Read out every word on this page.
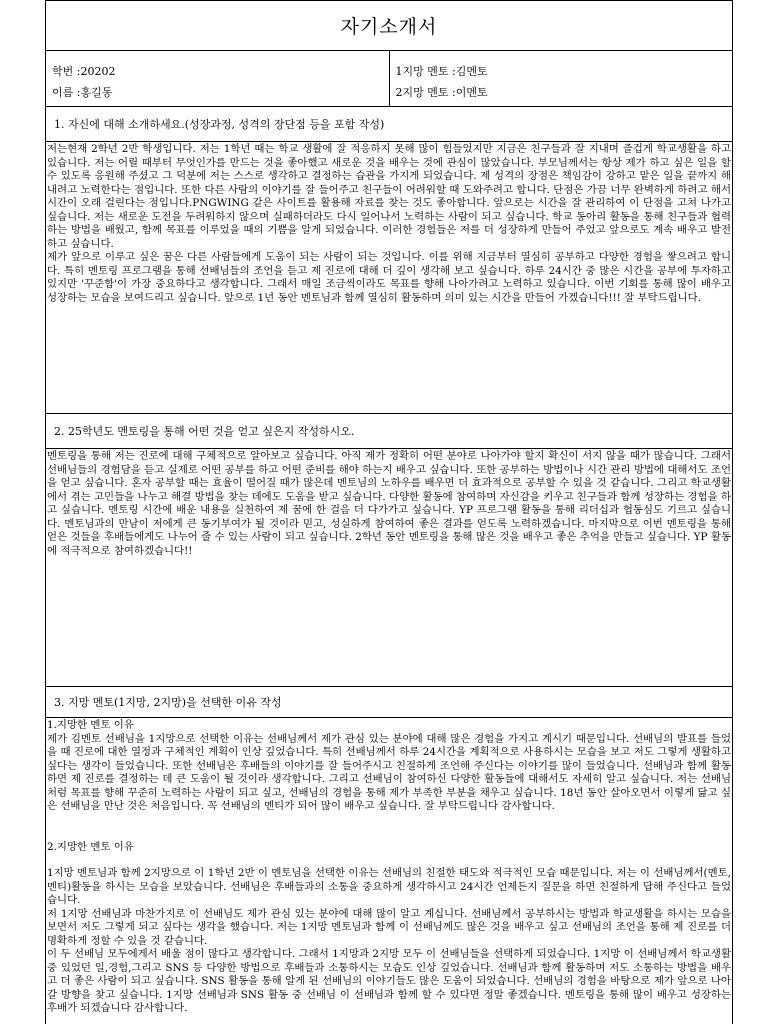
자기소개서
학번 :20202
이름 :홍길동
1지망 멘토 :김멘토
2지망 멘토 :이멘토
1. 자신에 대해 소개하세요.(성장과정, 성격의 장단점 등을 포함 작성)

저는현재 2학년 2반 학생입니다. 저는 1학년 때는 학교 생활에 잘 적응하지 못해 많이 힘들었지만 지금은 친구들과 잘 지내며 즐겁게 학교생활을 하고 있습니다. 저는 어릴 때부터 무엇인가를 만드는 것을 좋아했고 새로운 것을 배우는 것에 관심이 많았습니다. 부모님께서는 항상 제가 하고 싶은 일을 할 수 있도록 응원해 주셨고 그 덕분에 저는 스스로 생각하고 결정하는 습관을 가지게 되었습니다. 제 성격의 장점은 책임감이 강하고 맡은 일을 끝까지 해내려고 노력한다는 점입니다. 또한 다른 사람의 이야기를 잘 들어주고 친구들이 어려워할 때 도와주려고 합니다. 단점은 가끔 너무 완벽하게 하려고 해서 시간이 오래 걸린다는 점입니다.PNGWING 같은 사이트를 활용해 자료를 찾는 것도 좋아합니다. 앞으로는 시간을 잘 관리하여 이 단점을 고쳐 나가고 싶습니다. 저는 새로운 도전을 두려워하지 않으며 실패하더라도 다시 일어나서 노력하는 사람이 되고 싶습니다. 학교 동아리 활동을 통해 친구들과 협력하는 방법을 배웠고, 함께 목표를 이루었을 때의 기쁨을 알게 되었습니다. 이러한 경험들은 저를 더 성장하게 만들어 주었고 앞으로도 계속 배우고 발전하고 싶습니다.

제가 앞으로 이루고 싶은 꿈은 다른 사람들에게 도움이 되는 사람이 되는 것입니다. 이를 위해 지금부터 열심히 공부하고 다양한 경험을 쌓으려고 합니다. 특히 멘토링 프로그램을 통해 선배님들의 조언을 듣고 제 진로에 대해 더 깊이 생각해 보고 싶습니다. 하루 24시간 중 많은 시간을 공부에 투자하고 있지만 '꾸준함'이 가장 중요하다고 생각합니다. 그래서 매일 조금씩이라도 목표를 향해 나아가려고 노력하고 있습니다. 이번 기회를 통해 많이 배우고 성장하는 모습을 보여드리고 싶습니다. 앞으로 1년 동안 멘토님과 함께 열심히 활동하며 의미 있는 시간을 만들어 가겠습니다!!! 잘 부탁드립니다.

2. 25학년도 멘토링을 통해 어떤 것을 얻고 싶은지 작성하시오.

멘토링을 통해 저는 진로에 대해 구체적으로 알아보고 싶습니다. 아직 제가 정확히 어떤 분야로 나아가야 할지 확신이 서지 않을 때가 많습니다. 그래서 선배님들의 경험담을 듣고 실제로 어떤 공부를 하고 어떤 준비를 해야 하는지 배우고 싶습니다. 또한 공부하는 방법이나 시간 관리 방법에 대해서도 조언을 얻고 싶습니다. 혼자 공부할 때는 효율이 떨어질 때가 많은데 멘토님의 노하우를 배우면 더 효과적으로 공부할 수 있을 것 같습니다. 그리고 학교생활에서 겪는 고민들을 나누고 해결 방법을 찾는 데에도 도움을 받고 싶습니다. 다양한 활동에 참여하며 자신감을 키우고 친구들과 함께 성장하는 경험을 하고 싶습니다. 멘토링 시간에 배운 내용을 실천하여 제 꿈에 한 걸음 더 다가가고 싶습니다. YP 프로그램 활동을 통해 리더십과 협동심도 기르고 싶습니다. 멘토님과의 만남이 저에게 큰 동기부여가 될 것이라 믿고, 성실하게 참여하여 좋은 결과를 얻도록 노력하겠습니다. 마지막으로 이번 멘토링을 통해 얻은 것들을 후배들에게도 나누어 줄 수 있는 사람이 되고 싶습니다. 2학년 동안 멘토링을 통해 많은 것을 배우고 좋은 추억을 만들고 싶습니다. YP 활동에 적극적으로 참여하겠습니다!!

3. 지망 멘토(1지망, 2지망)을 선택한 이유 작성
1.지망한 멘토 이유

제가 김멘토 선배님을 1지망으로 선택한 이유는 선배님께서 제가 관심 있는 분야에 대해 많은 경험을 가지고 계시기 때문입니다. 선배님의 발표를 들었을 때 진로에 대한 열정과 구체적인 계획이 인상 깊었습니다. 특히 선배님께서 하루 24시간을 계획적으로 사용하시는 모습을 보고 저도 그렇게 생활하고 싶다는 생각이 들었습니다. 또한 선배님은 후배들의 이야기를 잘 들어주시고 친절하게 조언해 주신다는 이야기를 많이 들었습니다. 선배님과 함께 활동하면 제 진로를 결정하는 데 큰 도움이 될 것이라 생각합니다. 그리고 선배님이 참여하신 다양한 활동들에 대해서도 자세히 알고 싶습니다. 저는 선배님처럼 목표를 향해 꾸준히 노력하는 사람이 되고 싶고, 선배님의 경험을 통해 제가 부족한 부분을 채우고 싶습니다. 18년 동안 살아오면서 이렇게 닮고 싶은 선배님을 만난 것은 처음입니다. 꼭 선배님의 멘티가 되어 많이 배우고 싶습니다. 잘 부탁드립니다 감사합니다.

2.지망한 멘토 이유

1지망 멘토님과 함께 2지망으로 이 1학년 2반 이 멘토님을 선택한 이유는 선배님의 친절한 태도와 적극적인 모습 때문입니다. 저는 이 선배님께서(멘토,멘티)활동을 하시는 모습을 보았습니다. 선배님은 후배들과의 소통을 중요하게 생각하시고 24시간 언제든지 질문을 하면 친절하게 답해 주신다고 들었습니다.

저 1지망 선배님과 마찬가지로 이 선배님도 제가 관심 있는 분야에 대해 많이 알고 계십니다. 선배님께서 공부하시는 방법과 학교생활을 하시는 모습을 보면서 저도 그렇게 되고 싶다는 생각을 했습니다. 저는 1지망 멘토님과 함께 이 선배님께도 많은 것을 배우고 싶고 선배님의 조언을 통해 제 진로를 더 명확하게 정할 수 있을 것 같습니다.

이 두 선배님 모두에게서 배울 점이 많다고 생각합니다. 그래서 1지망과 2지망 모두 이 선배님들을 선택하게 되었습니다. 1지망 이 선배님께서 학교생활 중 있었던 일,경험,그리고 SNS 등 다양한 방법으로 후배들과 소통하시는 모습도 인상 깊었습니다. 선배님과 함께 활동하며 저도 소통하는 방법을 배우고 더 좋은 사람이 되고 싶습니다. SNS 활동을 통해 알게 된 선배님의 이야기들도 많은 도움이 되었습니다. 선배님의 경험을 바탕으로 제가 앞으로 나아갈 방향을 찾고 싶습니다. 1지망 선배님과 SNS 활동 중 선배님 이 선배님과 함께 할 수 있다면 정말 좋겠습니다. 멘토링을 통해 많이 배우고 성장하는 후배가 되겠습니다 감사합니다.
